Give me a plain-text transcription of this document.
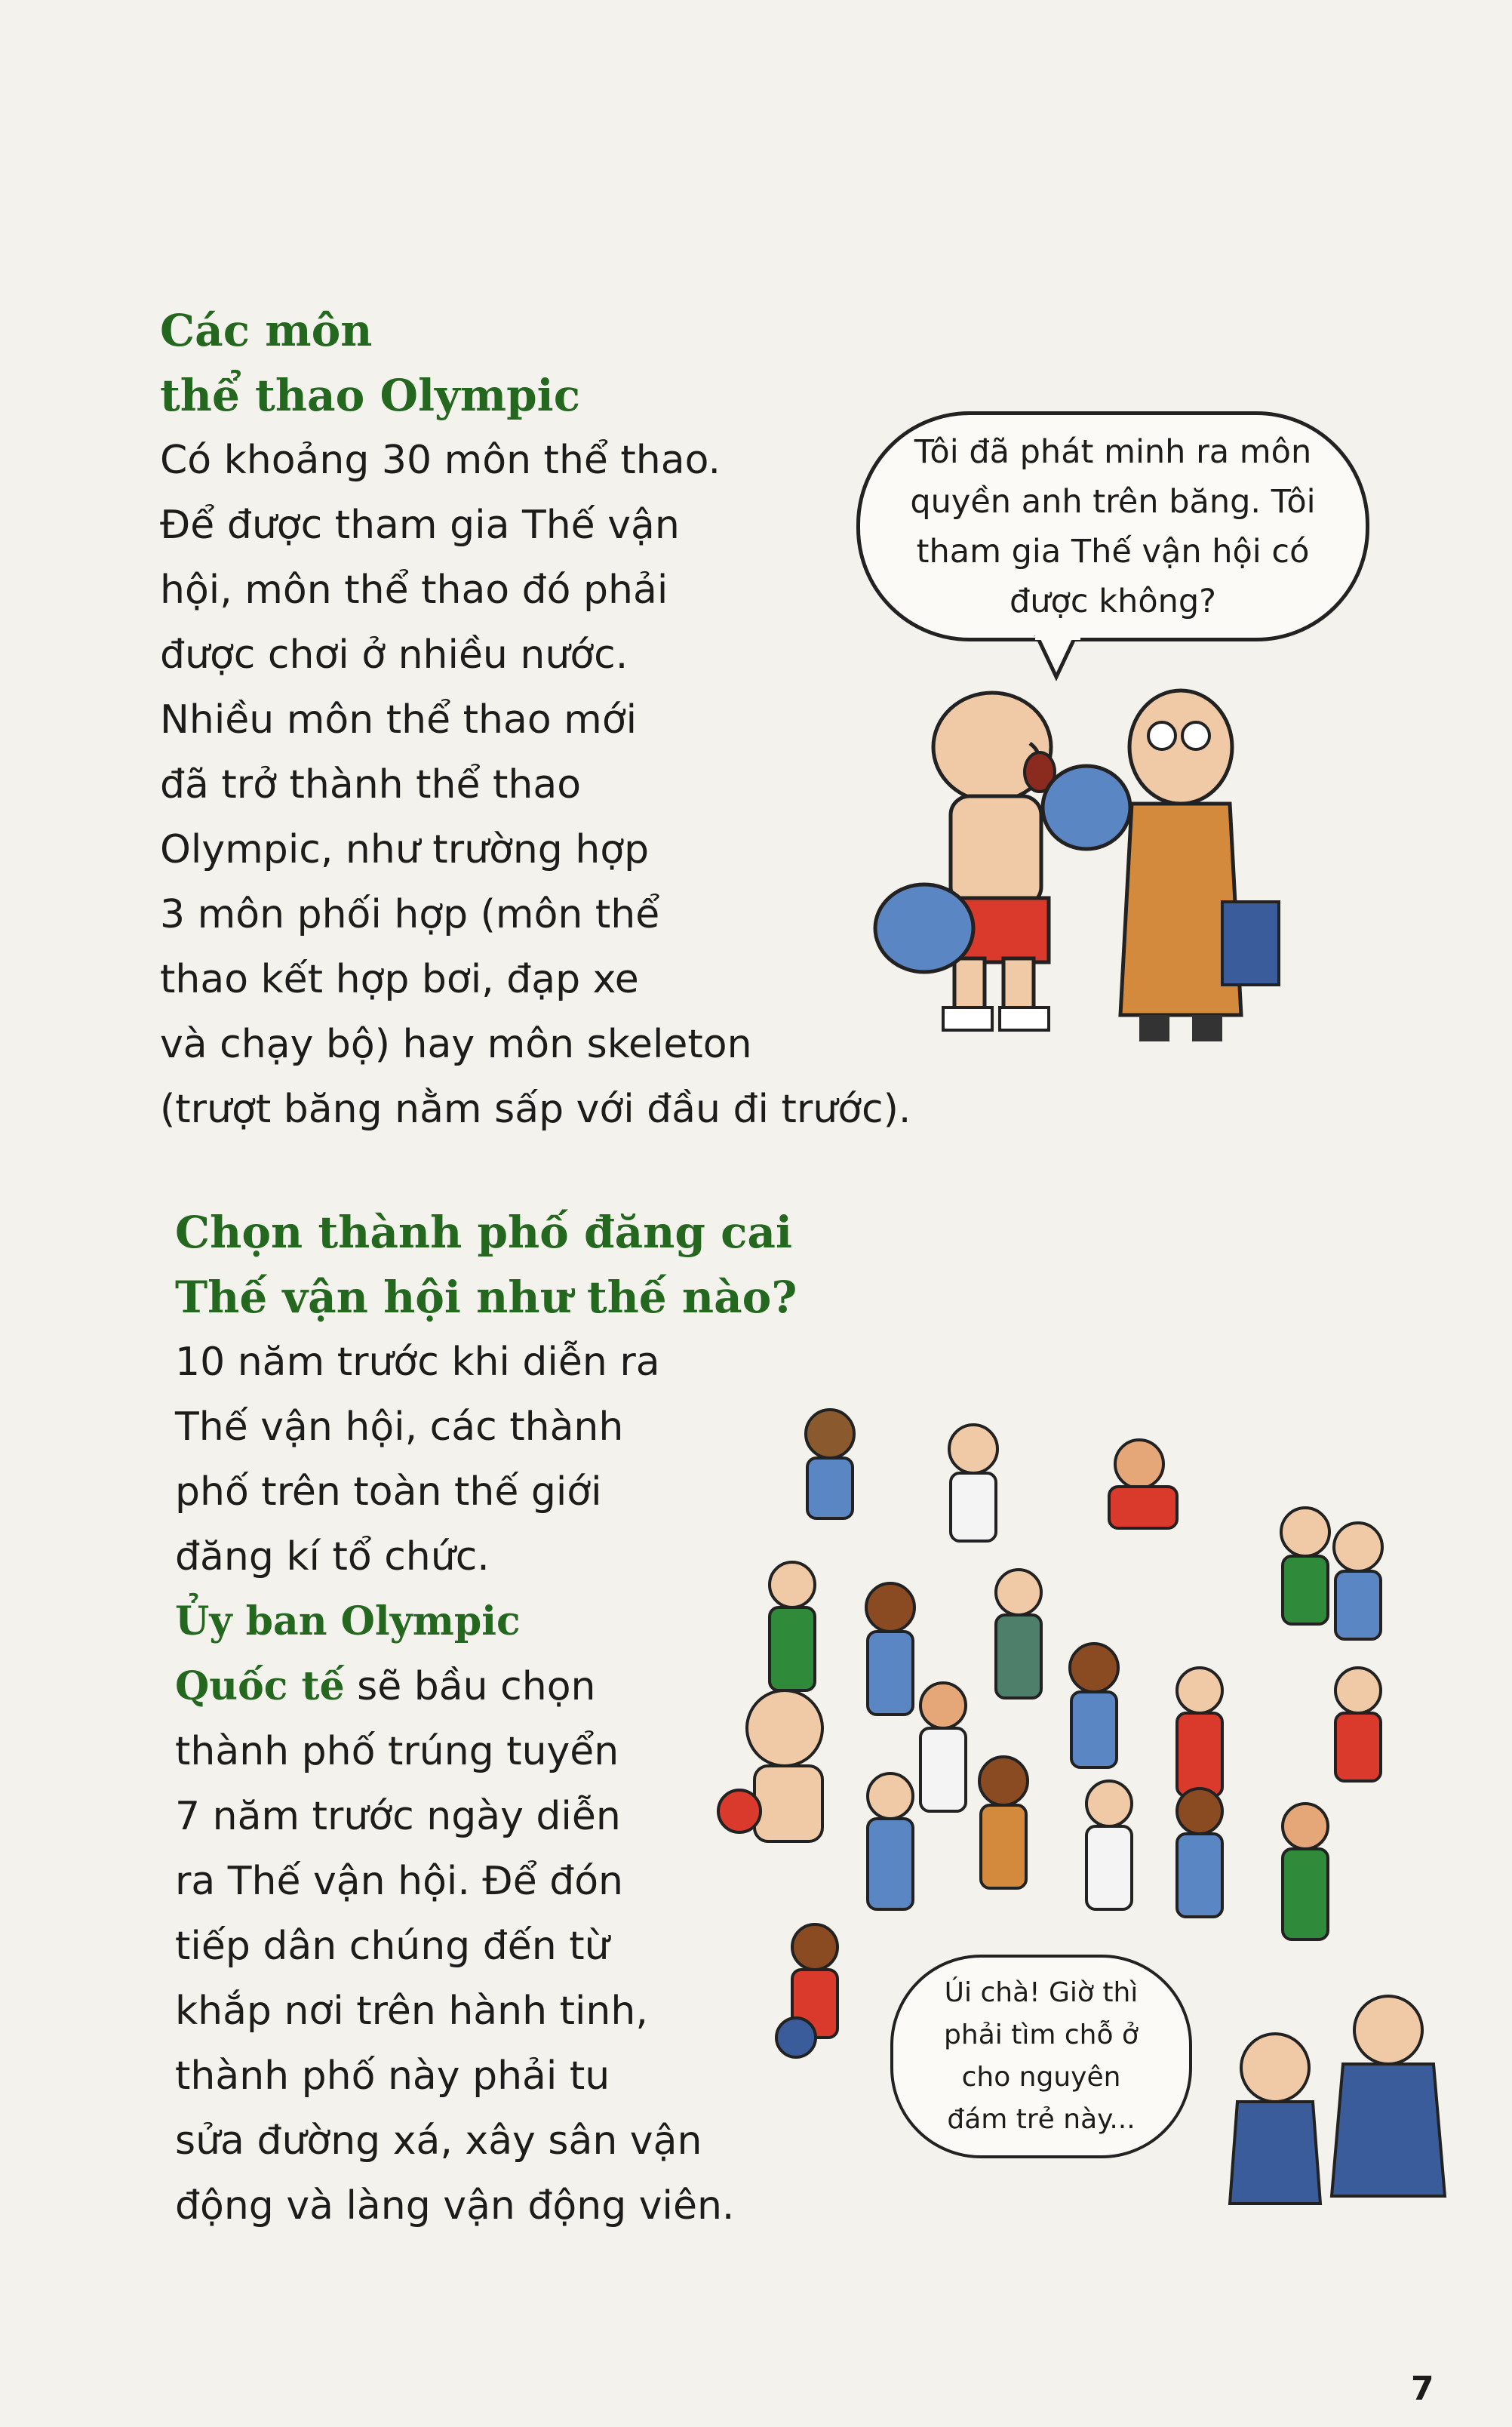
Các môn
thể thao Olympic
Có khoảng 30 môn thể thao.
Để được tham gia Thế vận
hội, môn thể thao đó phải
được chơi ở nhiều nước.
Nhiều môn thể thao mới
đã trở thành thể thao
Olympic, như trường hợp
3 môn phối hợp (môn thể
thao kết hợp bơi, đạp xe
và chạy bộ) hay môn skeleton
(trượt băng nằm sấp với đầu đi trước).
Tôi đã phát minh ra môn quyền anh trên băng. Tôi tham gia Thế vận hội có được không?
Chọn thành phố đăng cai
Thế vận hội như thế nào?
10 năm trước khi diễn ra
Thế vận hội, các thành
phố trên toàn thế giới
đăng kí tổ chức.
Ủy ban Olympic
Quốc tế sẽ bầu chọn
thành phố trúng tuyển
7 năm trước ngày diễn
ra Thế vận hội. Để đón
tiếp dân chúng đến từ
khắp nơi trên hành tinh,
thành phố này phải tu
sửa đường xá, xây sân vận
động và làng vận động viên.
Úi chà! Giờ thì phải tìm chỗ ở cho nguyên đám trẻ này...
7
